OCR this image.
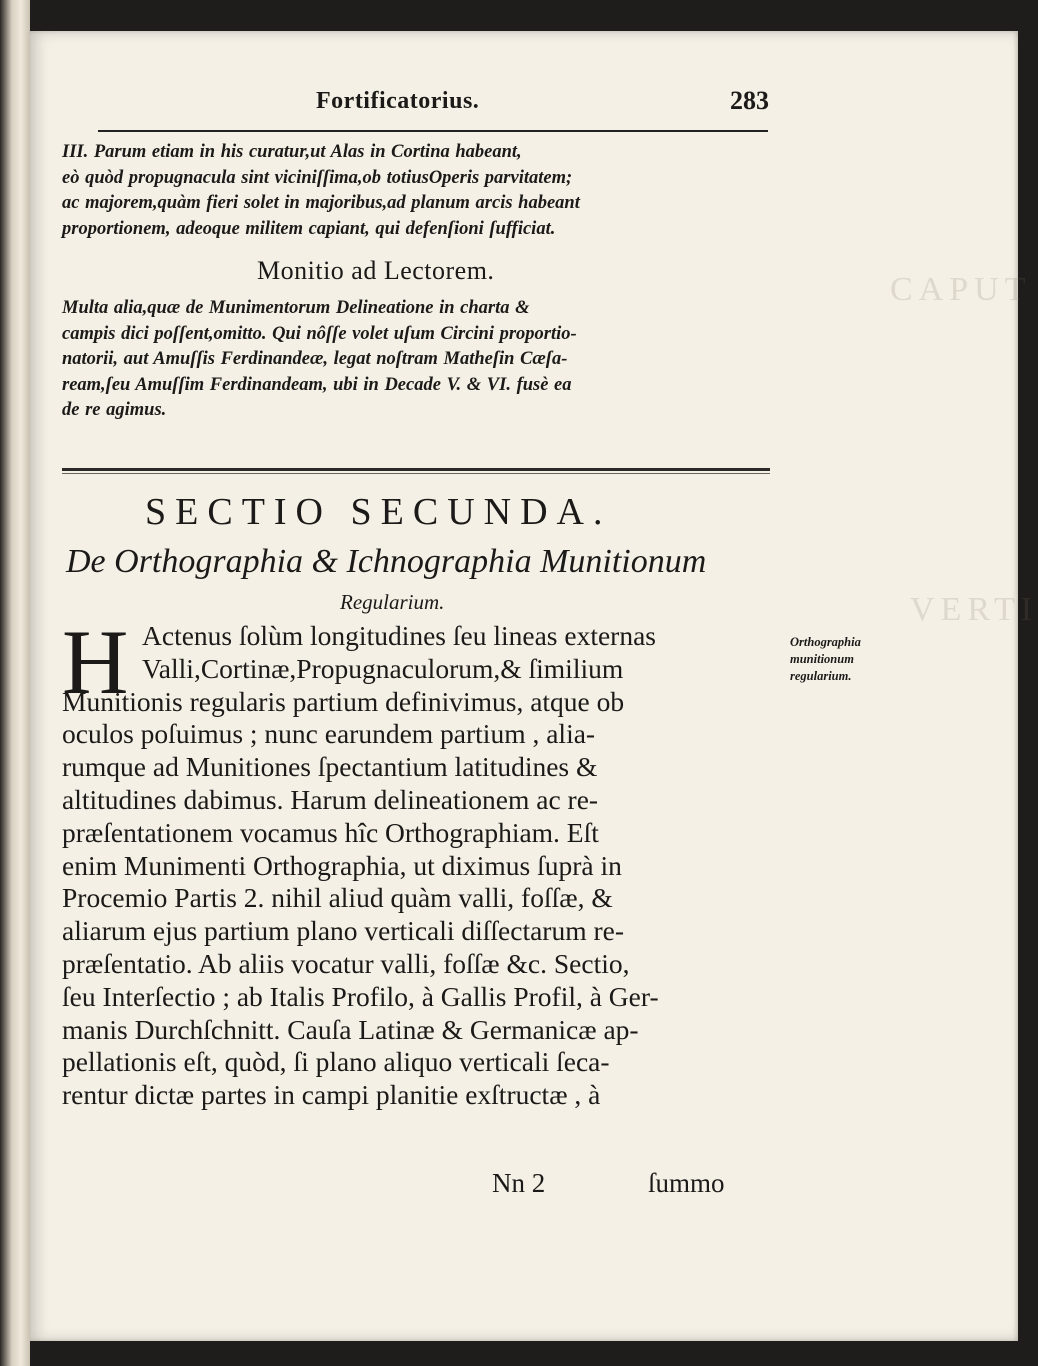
CAPUT
VERTI
Fortificatorius.	283
III. Parum etiam in his curatur,ut Alas in Cortina habeant,
eò quòd propugnacula sint viciniſſima,ob totiusOperis parvitatem;
ac majorem,quàm fieri solet in majoribus,ad planum arcis habeant
proportionem, adeoque militem capiant, qui defenſioni ſufficiat.
Monitio ad Lectorem.
Multa alia,quæ de Munimentorum Delineatione in charta &
campis dici poſſent,omitto. Qui nôſſe volet uſum Circini proportio-
natorii, aut Amuſſis Ferdinandeæ, legat noſtram Matheſin Cæſa-
ream,ſeu Amuſſim Ferdinandeam, ubi in Decade V. & VI. fusè ea
de re agimus.
SECTIO SECUNDA.
De Orthographia & Ichnographia Munitionum
Regularium.
H Actenus ſolùm longitudines ſeu lineas externas
Valli,Cortinæ,Propugnaculorum,& ſimilium
Munitionis regularis partium definivimus, atque ob
oculos poſuimus ; nunc earundem partium , alia-
rumque ad Munitiones ſpectantium latitudines &
altitudines dabimus. Harum delineationem ac re-
præſentationem vocamus hîc Orthographiam. Eſt
enim Munimenti Orthographia, ut diximus ſuprà in
Procemio Partis 2. nihil aliud quàm valli, foſſæ, &
aliarum ejus partium plano verticali diſſectarum re-
præſentatio. Ab aliis vocatur valli, foſſæ &c. Sectio,
ſeu Interſectio ; ab Italis Profilo, à Gallis Profil, à Ger-
manis Durchſchnitt. Cauſa Latinæ & Germanicæ ap-
pellationis eſt, quòd, ſi plano aliquo verticali ſeca-
rentur dictæ partes in campi planitie exſtructæ , à
Orthographia munitionum regularium.
Nn 2	ſummo
